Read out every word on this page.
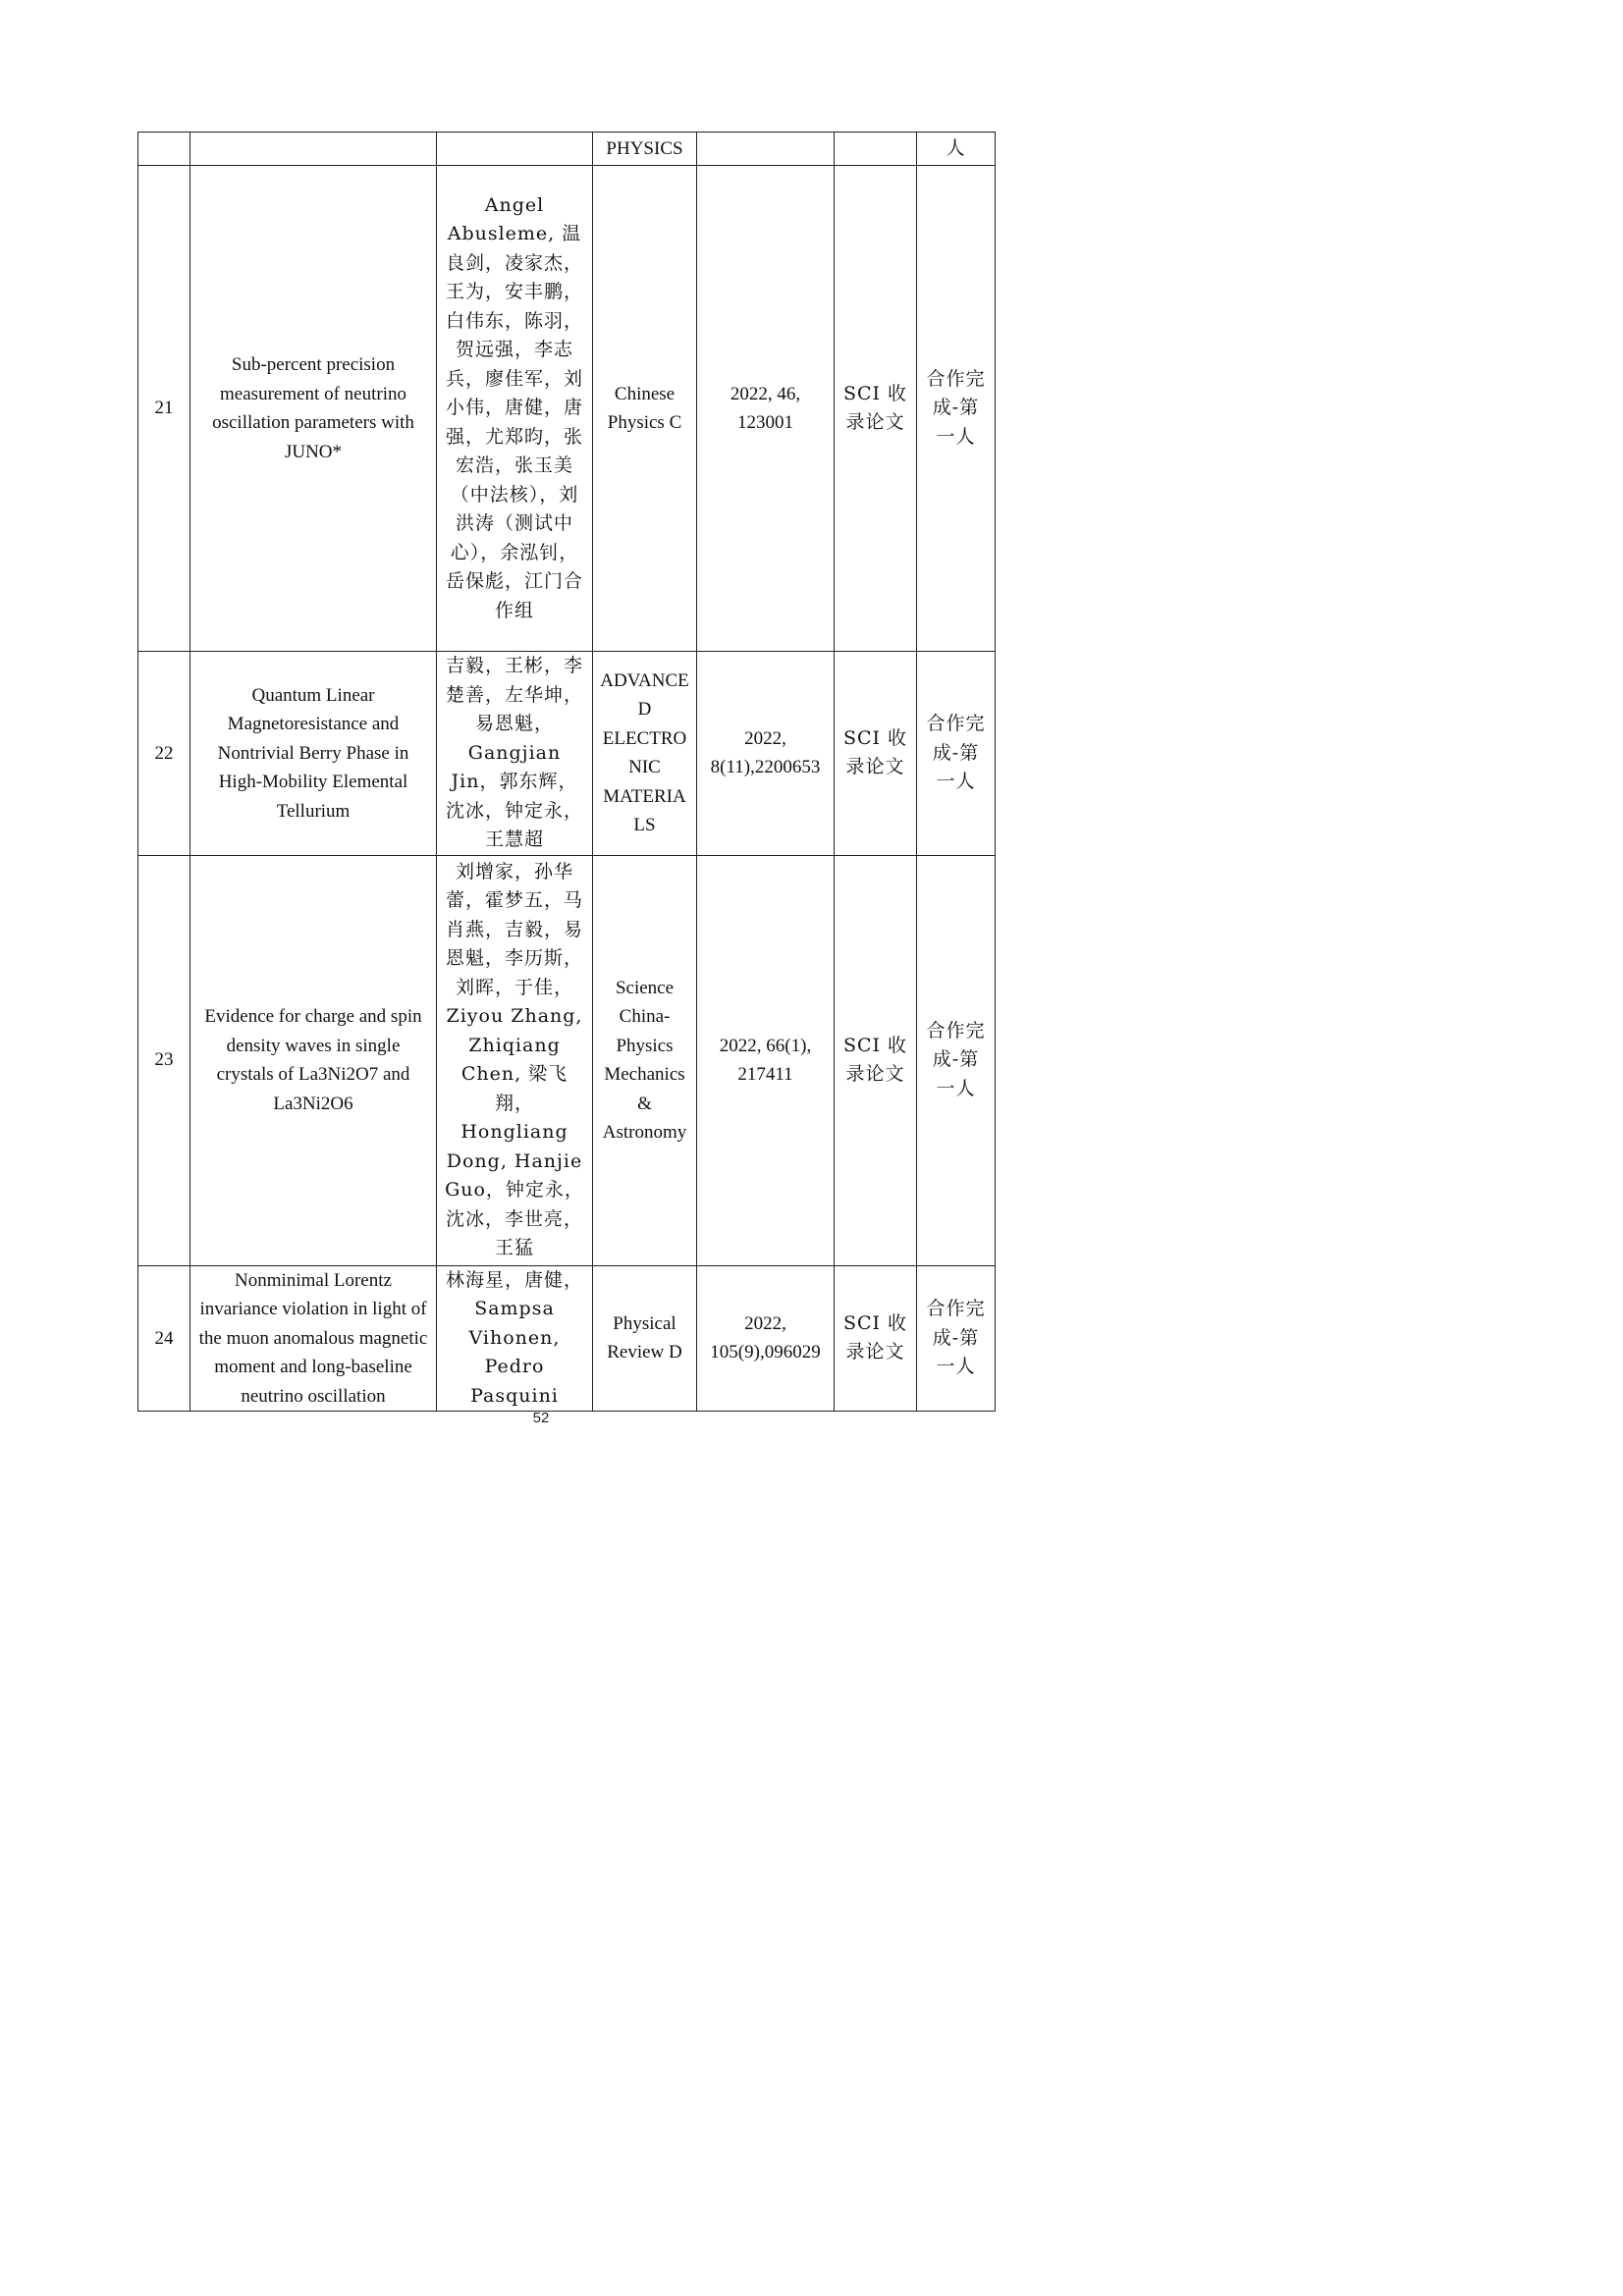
			PHYSICS			人
21	Sub-percent precision measurement of neutrino oscillation parameters with JUNO*	Angel Abusleme, 温良剑，凌家杰，王为，安丰鹏，白伟东，陈羽，贺远强，李志兵，廖佳军，刘小伟，唐健，唐强，尤郑昀，张宏浩，张玉美（中法核），刘洪涛（测试中心），余泓钊，岳保彪，江门合作组	Chinese Physics C	2022, 46, 123001	SCI 收录论文	合作完成-第一人
22	Quantum Linear Magnetoresistance and Nontrivial Berry Phase in High-Mobility Elemental Tellurium	吉毅，王彬，李楚善，左华坤，易恩魁，Gangjian Jin，郭东辉，沈冰，钟定永，王慧超	ADVANCED ELECTRONIC MATERIALS	2022, 8(11),2200653	SCI 收录论文	合作完成-第一人
23	Evidence for charge and spin density waves in single crystals of La3Ni2O7 and La3Ni2O6	刘增家，孙华蕾，霍梦五，马肖燕，吉毅，易恩魁，李历斯，刘晖，于佳，Ziyou Zhang, Zhiqiang Chen, 梁飞翔，Hongliang Dong, Hanjie Guo，钟定永，沈冰，李世亮，王猛	Science China-Physics Mechanics & Astronomy	2022, 66(1), 217411	SCI 收录论文	合作完成-第一人
24	Nonminimal Lorentz invariance violation in light of the muon anomalous magnetic moment and long-baseline neutrino oscillation	林海星，唐健，Sampsa Vihonen, Pedro Pasquini	Physical Review D	2022, 105(9),096029	SCI 收录论文	合作完成-第一人
52
